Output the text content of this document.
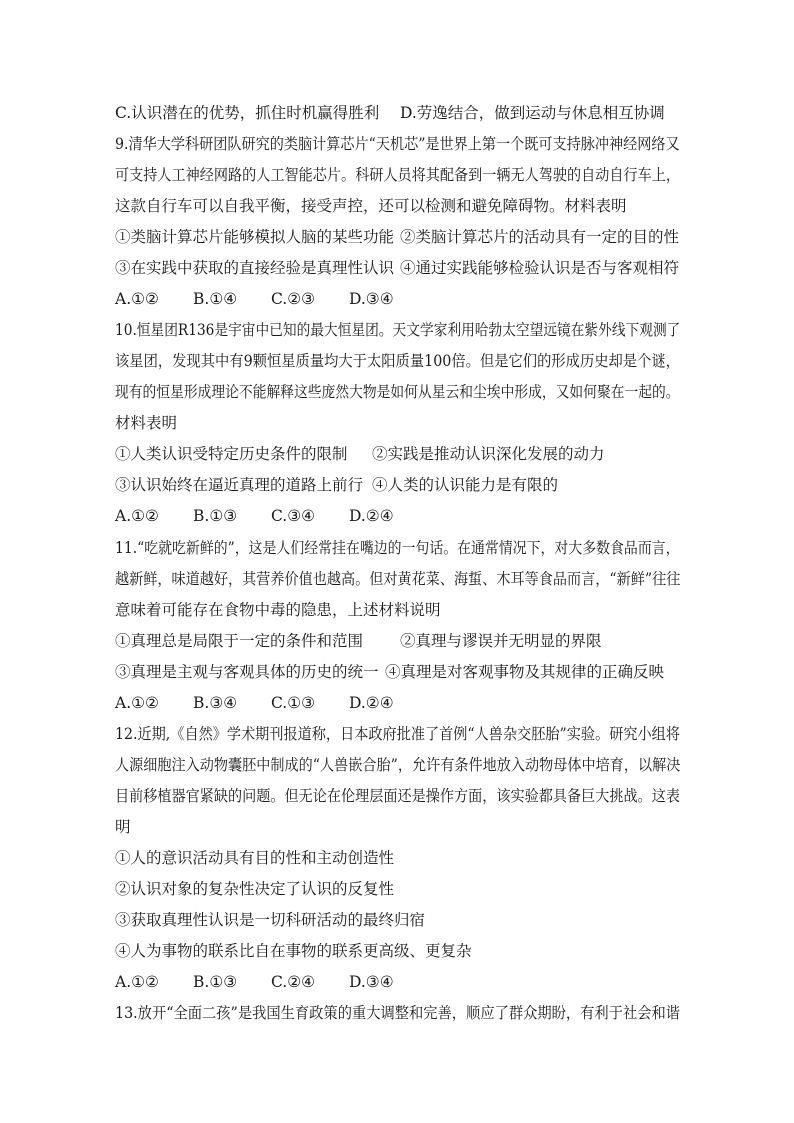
C.认识潜在的优势，抓住时机赢得胜利 D.劳逸结合，做到运动与休息相互协调
9.清华大学科研团队研究的类脑计算芯片“天机芯”是世界上第一个既可支持脉冲神经网络又
可支持人工神经网路的人工智能芯片。科研人员将其配备到一辆无人驾驶的自动自行车上，
这款自行车可以自我平衡，接受声控，还可以检测和避免障碍物。材料表明
①类脑计算芯片能够模拟人脑的某些功能 ②类脑计算芯片的活动具有一定的目的性
③在实践中获取的直接经验是真理性认识 ④通过实践能够检验认识是否与客观相符
A.①② B.①④ C.②③ D.③④
10.恒星团R136是宇宙中已知的最大恒星团。天文学家利用哈勃太空望远镜在紫外线下观测了
该星团，发现其中有9颗恒星质量均大于太阳质量100倍。但是它们的形成历史却是个谜，
现有的恒星形成理论不能解释这些庞然大物是如何从星云和尘埃中形成，又如何聚在一起的。
材料表明
①人类认识受特定历史条件的限制 ②实践是推动认识深化发展的动力
③认识始终在逼近真理的道路上前行 ④人类的认识能力是有限的
A.①② B.①③ C.③④ D.②④
11.“吃就吃新鲜的”，这是人们经常挂在嘴边的一句话。在通常情况下，对大多数食品而言，
越新鲜，味道越好，其营养价值也越高。但对黄花菜、海蜇、木耳等食品而言，“新鲜”往往
意味着可能存在食物中毒的隐患，上述材料说明
①真理总是局限于一定的条件和范围 ②真理与谬误并无明显的界限
③真理是主观与客观具体的历史的统一 ④真理是对客观事物及其规律的正确反映
A.①② B.③④ C.①③ D.②④
12.近期,《自然》学术期刊报道称，日本政府批准了首例“人兽杂交胚胎”实验。研究小组将
人源细胞注入动物囊胚中制成的“人兽嵌合胎”，允许有条件地放入动物母体中培育，以解决
目前移植器官紧缺的问题。但无论在伦理层面还是操作方面，该实验都具备巨大挑战。这表
明
①人的意识活动具有目的性和主动创造性
②认识对象的复杂性决定了认识的反复性
③获取真理性认识是一切科研活动的最终归宿
④人为事物的联系比自在事物的联系更高级、更复杂
A.①② B.①③ C.②④ D.③④
13.放开“全面二孩”是我国生育政策的重大调整和完善，顺应了群众期盼，有利于社会和谐
